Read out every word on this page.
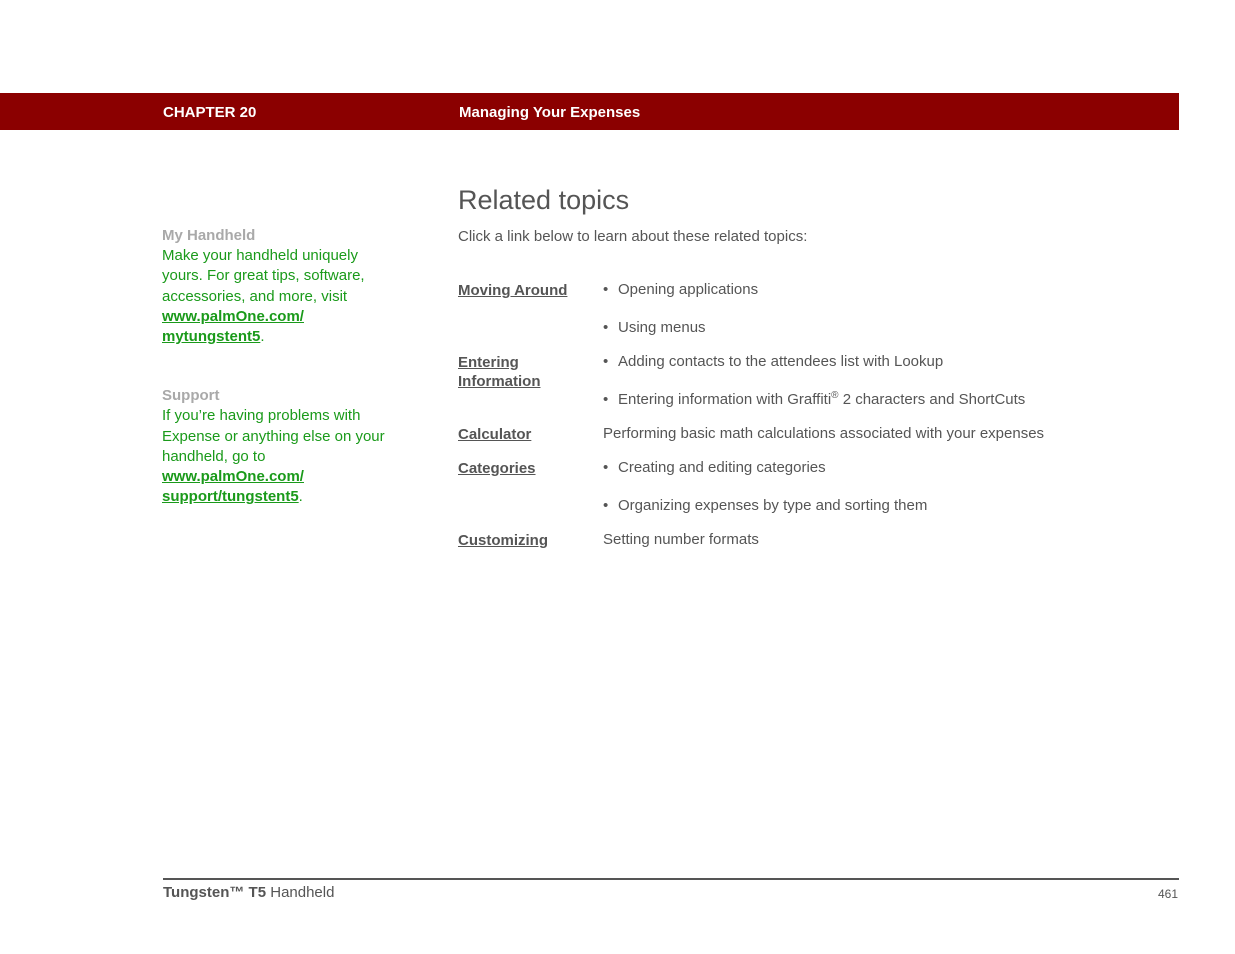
CHAPTER 20	Managing Your Expenses
My Handheld
Make your handheld uniquely yours. For great tips, software, accessories, and more, visit
www.palmOne.com/
mytungstent5.
Support
If you’re having problems with Expense or anything else on your handheld, go to
www.palmOne.com/
support/tungstent5.
Related topics
Click a link below to learn about these related topics:
Moving Around
Entering
Information
Calculator
Categories
Customizing
• Opening applications
• Using menus
• Adding contacts to the attendees list with Lookup
• Entering information with Graffiti® 2 characters and ShortCuts
Performing basic math calculations associated with your expenses
• Creating and editing categories
• Organizing expenses by type and sorting them
Setting number formats
Tungsten™ T5 Handheld	461
